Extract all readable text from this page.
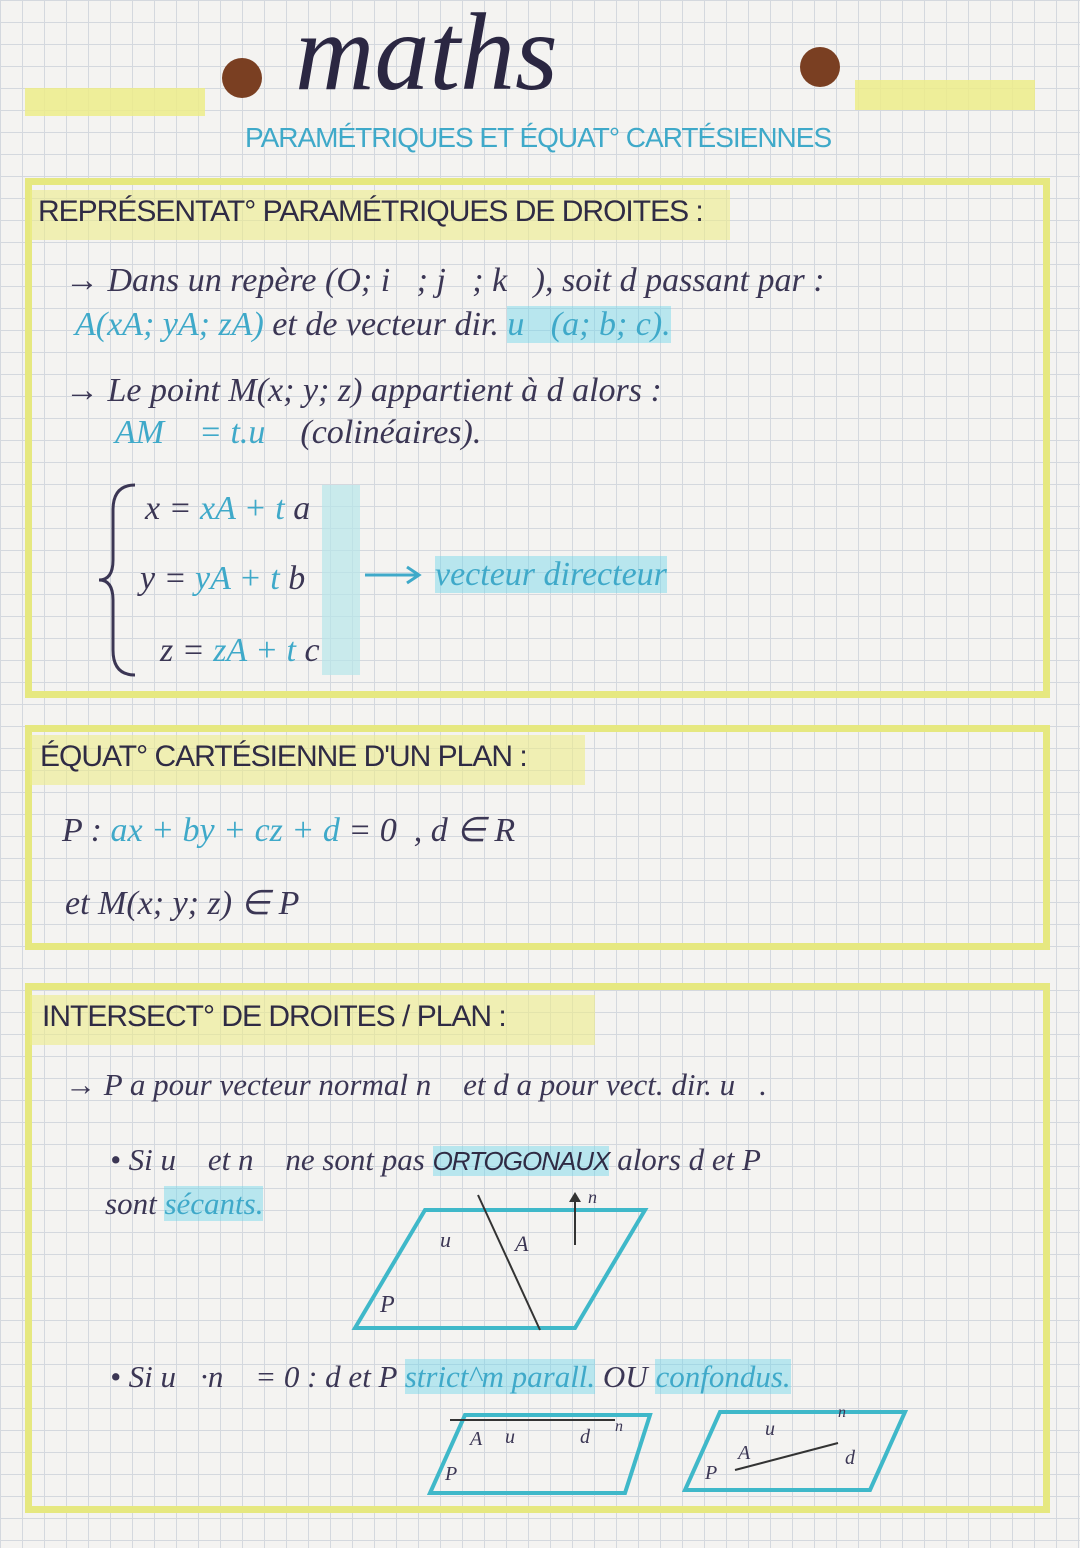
maths
PARAMÉTRIQUES ET ÉQUAT° CARTÉSIENNES
REPRÉSENTAT° PARAMÉTRIQUES DE DROITES :
→ Dans un repère (O; i⃗; j⃗; k⃗), soit d passant par :
A(xA; yA; zA) et de vecteur dir. u⃗(a; b; c).
→ Le point M(x; y; z) appartient à d alors :
AM⃗ = t.u⃗ (colinéaires).
x = xA + t a
y = yA + t b
z = zA + t c
vecteur directeur
ÉQUAT° CARTÉSIENNE D'UN PLAN :
P : ax + by + cz + d = 0 , d ∈ R
et M(x; y; z) ∈ P
INTERSECT° DE DROITES / PLAN :
→ P a pour vecteur normal n⃗ et d a pour vect. dir. u⃗.
• Si u⃗ et n⃗ ne sont pas ORTOGONAUX alors d et P
sont sécants.
u⃗ A
n⃗
P
• Si u⃗·n⃗ = 0 : d et P strict^m parall. OU confondus.
A u⃗ d n⃗
P
A
u⃗
d
n⃗
P
